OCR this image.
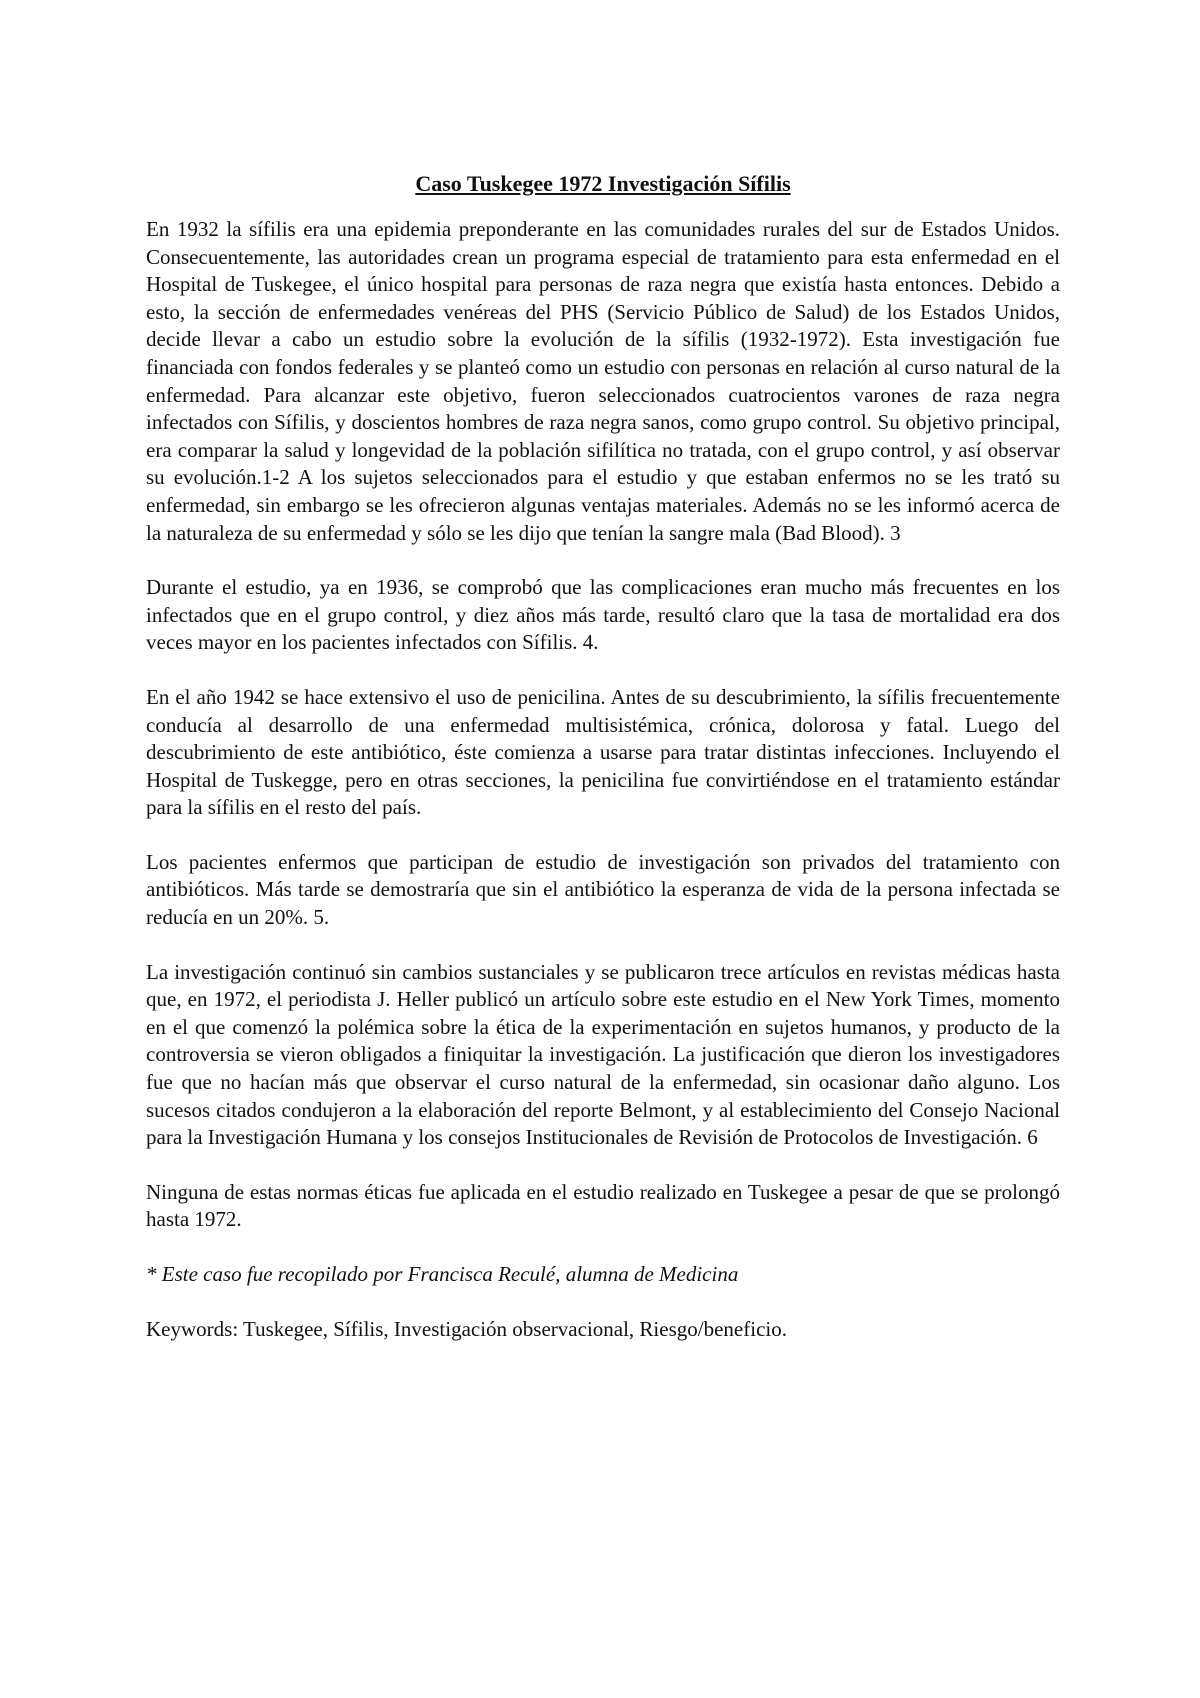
Caso Tuskegee 1972 Investigación Sífilis

En 1932 la sífilis era una epidemia preponderante en las comunidades rurales del sur de Estados Unidos. Consecuentemente, las autoridades crean un programa especial de tratamiento para esta enfermedad en el Hospital de Tuskegee, el único hospital para personas de raza negra que existía hasta entonces. Debido a esto, la sección de enfermedades venéreas del PHS (Servicio Público de Salud) de los Estados Unidos, decide llevar a cabo un estudio sobre la evolución de la sífilis (1932-1972). Esta investigación fue financiada con fondos federales y se planteó como un estudio con personas en relación al curso natural de la enfermedad. Para alcanzar este objetivo, fueron seleccionados cuatrocientos varones de raza negra infectados con Sífilis, y doscientos hombres de raza negra sanos, como grupo control. Su objetivo principal, era comparar la salud y longevidad de la población sifilítica no tratada, con el grupo control, y así observar su evolución.1-2 A los sujetos seleccionados para el estudio y que estaban enfermos no se les trató su enfermedad, sin embargo se les ofrecieron algunas ventajas materiales. Además no se les informó acerca de la naturaleza de su enfermedad y sólo se les dijo que tenían la sangre mala (Bad Blood). 3

Durante el estudio, ya en 1936, se comprobó que las complicaciones eran mucho más frecuentes en los infectados que en el grupo control, y diez años más tarde, resultó claro que la tasa de mortalidad era dos veces mayor en los pacientes infectados con Sífilis. 4.

En el año 1942 se hace extensivo el uso de penicilina. Antes de su descubrimiento, la sífilis frecuentemente conducía al desarrollo de una enfermedad multisistémica, crónica, dolorosa y fatal. Luego del descubrimiento de este antibiótico, éste comienza a usarse para tratar distintas infecciones. Incluyendo el Hospital de Tuskegge, pero en otras secciones, la penicilina fue convirtiéndose en el tratamiento estándar para la sífilis en el resto del país.

Los pacientes enfermos que participan de estudio de investigación son privados del tratamiento con antibióticos. Más tarde se demostraría que sin el antibiótico la esperanza de vida de la persona infectada se reducía en un 20%. 5.

La investigación continuó sin cambios sustanciales y se publicaron trece artículos en revistas médicas hasta que, en 1972, el periodista J. Heller publicó un artículo sobre este estudio en el New York Times, momento en el que comenzó la polémica sobre la ética de la experimentación en sujetos humanos, y producto de la controversia se vieron obligados a finiquitar la investigación. La justificación que dieron los investigadores fue que no hacían más que observar el curso natural de la enfermedad, sin ocasionar daño alguno. Los sucesos citados condujeron a la elaboración del reporte Belmont, y al establecimiento del Consejo Nacional para la Investigación Humana y los consejos Institucionales de Revisión de Protocolos de Investigación. 6

Ninguna de estas normas éticas fue aplicada en el estudio realizado en Tuskegee a pesar de que se prolongó hasta 1972.

* Este caso fue recopilado por Francisca Reculé, alumna de Medicina

Keywords: Tuskegee, Sífilis, Investigación observacional, Riesgo/beneficio.
